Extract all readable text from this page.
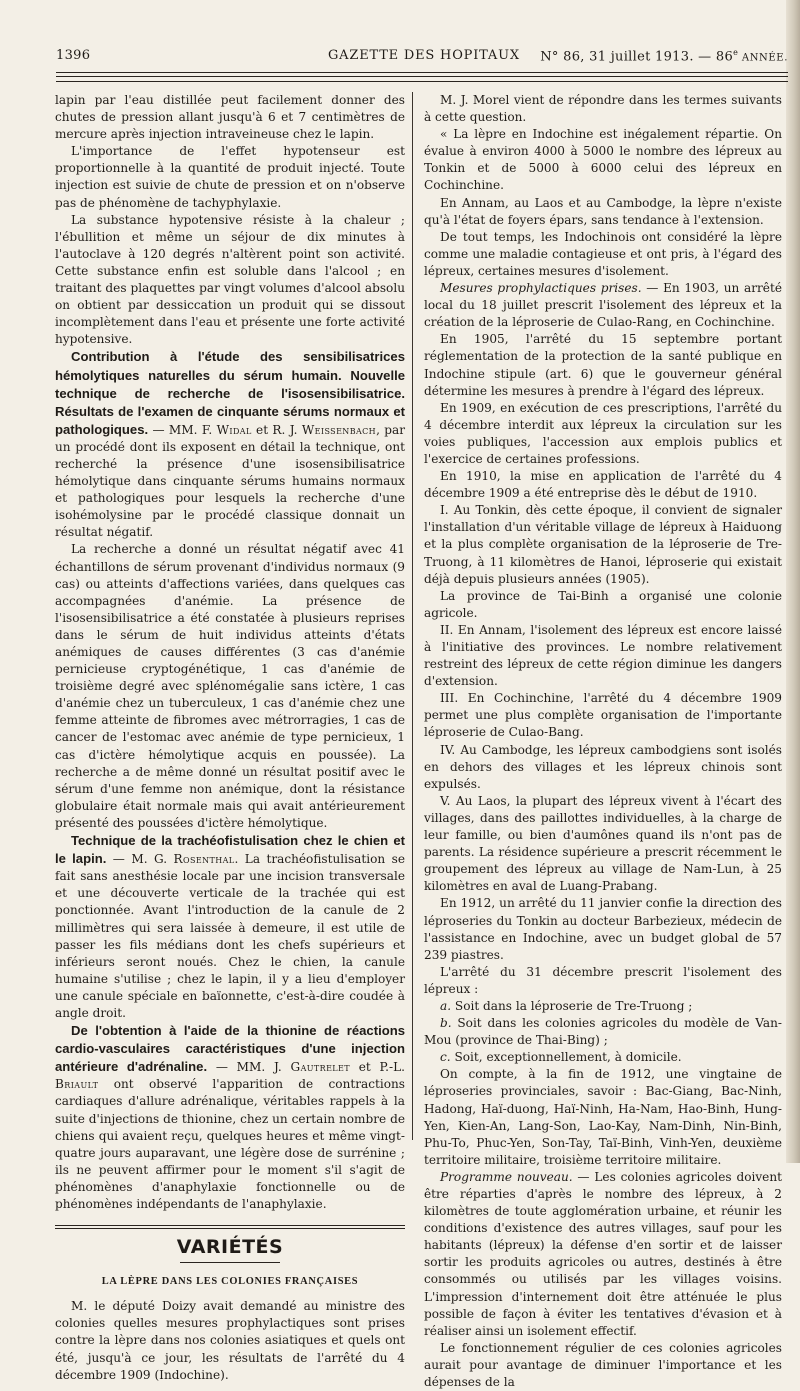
1396	GAZETTE DES HOPITAUX N° 86, 31 juillet 1913. — 86e ANNÉE.

lapin par l'eau distillée peut facilement donner des chutes de pression allant jusqu'à 6 et 7 centimètres de mercure après injection intraveineuse chez le lapin.

L'importance de l'effet hypotenseur est proportionnelle à la quantité de produit injecté. Toute injection est suivie de chute de pression et on n'observe pas de phénomène de tachyphylaxie.

La substance hypotensive résiste à la chaleur ; l'ébullition et même un séjour de dix minutes à l'autoclave à 120 degrés n'altèrent point son activité. Cette substance enfin est soluble dans l'alcool ; en traitant des plaquettes par vingt volumes d'alcool absolu on obtient par dessiccation un produit qui se dissout incomplètement dans l'eau et présente une forte activité hypotensive.

Contribution à l'étude des sensibilisatrices hémolytiques naturelles du sérum humain. Nouvelle technique de recherche de l'isosensibilisatrice. Résultats de l'examen de cinquante sérums normaux et pathologiques. — MM. F. Widal et R. J. Weissenbach, par un procédé dont ils exposent en détail la technique, ont recherché la présence d'une isosensibilisatrice hémolytique dans cinquante sérums humains normaux et pathologiques pour lesquels la recherche d'une isohémolysine par le procédé classique donnait un résultat négatif.

La recherche a donné un résultat négatif avec 41 échantillons de sérum provenant d'individus normaux (9 cas) ou atteints d'affections variées, dans quelques cas accompagnées d'anémie. La présence de l'isosensibilisatrice a été constatée à plusieurs reprises dans le sérum de huit individus atteints d'états anémiques de causes différentes (3 cas d'anémie pernicieuse cryptogénétique, 1 cas d'anémie de troisième degré avec splénomégalie sans ictère, 1 cas d'anémie chez un tuberculeux, 1 cas d'anémie chez une femme atteinte de fibromes avec métrorragies, 1 cas de cancer de l'estomac avec anémie de type pernicieux, 1 cas d'ictère hémolytique acquis en poussée). La recherche a de même donné un résultat positif avec le sérum d'une femme non anémique, dont la résistance globulaire était normale mais qui avait antérieurement présenté des poussées d'ictère hémolytique.

Technique de la trachéofistulisation chez le chien et le lapin. — M. G. Rosenthal. La trachéofistulisation se fait sans anesthésie locale par une incision transversale et une découverte verticale de la trachée qui est ponctionnée. Avant l'introduction de la canule de 2 millimètres qui sera laissée à demeure, il est utile de passer les fils médians dont les chefs supérieurs et inférieurs seront noués. Chez le chien, la canule humaine s'utilise ; chez le lapin, il y a lieu d'employer une canule spéciale en baïonnette, c'est-à-dire coudée à angle droit.

De l'obtention à l'aide de la thionine de réactions cardio-vasculaires caractéristiques d'une injection antérieure d'adrénaline. — MM. J. Gautrelet et P.-L. Briault ont observé l'apparition de contractions cardiaques d'allure adrénalique, véritables rappels à la suite d'injections de thionine, chez un certain nombre de chiens qui avaient reçu, quelques heures et même vingt-quatre jours auparavant, une légère dose de surrénine ; ils ne peuvent affirmer pour le moment s'il s'agit de phénomènes d'anaphylaxie fonctionnelle ou de phénomènes indépendants de l'anaphylaxie.

VARIÉTÉS
LA LÈPRE DANS LES COLONIES FRANÇAISES

M. le député Doizy avait demandé au ministre des colonies quelles mesures prophylactiques sont prises contre la lèpre dans nos colonies asiatiques et quels ont été, jusqu'à ce jour, les résultats de l'arrêté du 4 décembre 1909 (Indochine).

M. J. Morel vient de répondre dans les termes suivants à cette question.

« La lèpre en Indochine est inégalement répartie. On évalue à environ 4000 à 5000 le nombre des lépreux au Tonkin et de 5000 à 6000 celui des lépreux en Cochinchine.

En Annam, au Laos et au Cambodge, la lèpre n'existe qu'à l'état de foyers épars, sans tendance à l'extension.

De tout temps, les Indochinois ont considéré la lèpre comme une maladie contagieuse et ont pris, à l'égard des lépreux, certaines mesures d'isolement.

Mesures prophylactiques prises. — En 1903, un arrêté local du 18 juillet prescrit l'isolement des lépreux et la création de la léproserie de Culao-Rang, en Cochinchine.

En 1905, l'arrêté du 15 septembre portant réglementation de la protection de la santé publique en Indochine stipule (art. 6) que le gouverneur général détermine les mesures à prendre à l'égard des lépreux.

En 1909, en exécution de ces prescriptions, l'arrêté du 4 décembre interdit aux lépreux la circulation sur les voies publiques, l'accession aux emplois publics et l'exercice de certaines professions.

En 1910, la mise en application de l'arrêté du 4 décembre 1909 a été entreprise dès le début de 1910.

I. Au Tonkin, dès cette époque, il convient de signaler l'installation d'un véritable village de lépreux à Haiduong et la plus complète organisation de la léproserie de Tre-Truong, à 11 kilomètres de Hanoi, léproserie qui existait déjà depuis plusieurs années (1905).

La province de Tai-Binh a organisé une colonie agricole.

II. En Annam, l'isolement des lépreux est encore laissé à l'initiative des provinces. Le nombre relativement restreint des lépreux de cette région diminue les dangers d'extension.

III. En Cochinchine, l'arrêté du 4 décembre 1909 permet une plus complète organisation de l'importante léproserie de Culao-Bang.

IV. Au Cambodge, les lépreux cambodgiens sont isolés en dehors des villages et les lépreux chinois sont expulsés.

V. Au Laos, la plupart des lépreux vivent à l'écart des villages, dans des paillottes individuelles, à la charge de leur famille, ou bien d'aumônes quand ils n'ont pas de parents. La résidence supérieure a prescrit récemment le groupement des lépreux au village de Nam-Lun, à 25 kilomètres en aval de Luang-Prabang.

En 1912, un arrêté du 11 janvier confie la direction des léproseries du Tonkin au docteur Barbezieux, médecin de l'assistance en Indochine, avec un budget global de 57 239 piastres.

L'arrêté du 31 décembre prescrit l'isolement des lépreux :

a. Soit dans la léproserie de Tre-Truong ;

b. Soit dans les colonies agricoles du modèle de Van-Mou (province de Thai-Bing) ;

c. Soit, exceptionnellement, à domicile.

On compte, à la fin de 1912, une vingtaine de léproseries provinciales, savoir : Bac-Giang, Bac-Ninh, Hadong, Haï-duong, Haï-Ninh, Ha-Nam, Hao-Binh, Hung-Yen, Kien-An, Lang-Son, Lao-Kay, Nam-Dinh, Nin-Binh, Phu-To, Phuc-Yen, Son-Tay, Taï-Binh, Vinh-Yen, deuxième territoire militaire, troisième territoire militaire.

Programme nouveau. — Les colonies agricoles doivent être réparties d'après le nombre des lépreux, à 2 kilomètres de toute agglomération urbaine, et réunir les conditions d'existence des autres villages, sauf pour les habitants (lépreux) la défense d'en sortir et de laisser sortir les produits agricoles ou autres, destinés à être consommés ou utilisés par les villages voisins. L'impression d'internement doit être atténuée le plus possible de façon à éviter les tentatives d'évasion et à réaliser ainsi un isolement effectif.

Le fonctionnement régulier de ces colonies agricoles aurait pour avantage de diminuer l'importance et les dépenses de la
